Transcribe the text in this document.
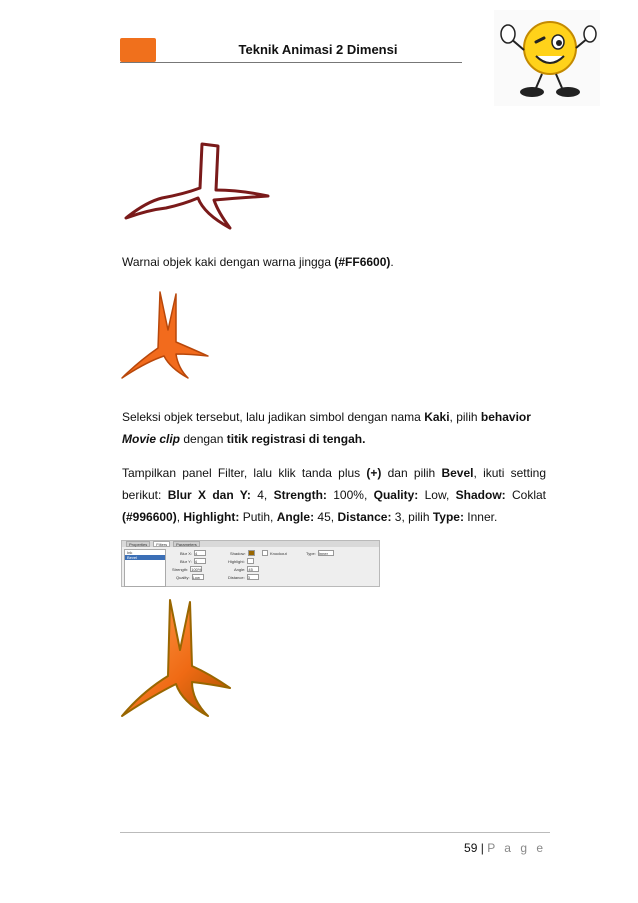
Teknik Animasi 2 Dimensi

Warnai objek kaki dengan warna jingga (#FF6600).

Seleksi objek tersebut, lalu jadikan simbol dengan nama Kaki, pilih behavior
Movie clip dengan titik registrasi di tengah.

Tampilkan panel Filter, lalu klik tanda plus (+) dan pilih Bevel, ikuti setting

berikut: Blur X dan Y: 4, Strength: 100%, Quality: Low, Shadow: Coklat

(#996600), Highlight: Putih, Angle: 45, Distance: 3, pilih Type: Inner.

Properties	Filters	Parameters
Ink
Bevel
Blur X: 4
Blur Y: 4
Strength: 100%
Quality: Low
Shadow:
Highlight:
Angle: 45
Distance: 3
Knockout	Type: Inner
59 | P a g e
